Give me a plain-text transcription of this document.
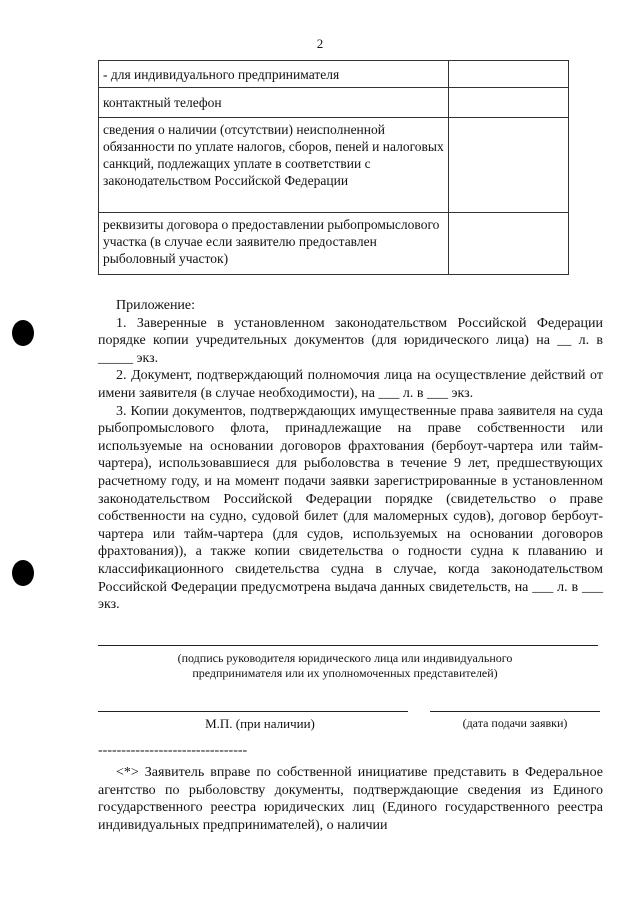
2
- для индивидуального предпринимателя	
контактный телефон	
сведения о наличии (отсутствии) неисполненной обязанности по уплате налогов, сборов, пеней и налоговых санкций, подлежащих уплате в соответствии с законодательством Российской Федерации	
реквизиты договора о предоставлении рыбопромыслового участка (в случае если заявителю предоставлен рыболовный участок)	

Приложение:

1. Заверенные в установленном законодательством Российской Федерации порядке копии учредительных документов (для юридического лица) на __ л. в _____ экз.

2. Документ, подтверждающий полномочия лица на осуществление действий от имени заявителя (в случае необходимости), на ___ л. в ___ экз.

3. Копии документов, подтверждающих имущественные права заявителя на суда рыбопромыслового флота, принадлежащие на праве собственности или используемые на основании договоров фрахтования (бербоут-чартера или тайм-чартера), использовавшиеся для рыболовства в течение 9 лет, предшествующих расчетному году, и на момент подачи заявки зарегистрированные в установленном законодательством Российской Федерации порядке (свидетельство о праве собственности на судно, судовой билет (для маломерных судов), договор бербоут-чартера или тайм-чартера (для судов, используемых на основании договоров фрахтования)), а также копии свидетельства о годности судна к плаванию и классификационного свидетельства судна в случае, когда законодательством Российской Федерации предусмотрена выдача данных свидетельств, на ___ л. в ___ экз.

(подпись руководителя юридического лица или индивидуального
предпринимателя или их уполномоченных представителей)
М.П. (при наличии)	(дата подачи заявки)
--------------------------------
<*> Заявитель вправе по собственной инициативе представить в Федеральное агентство по рыболовству документы, подтверждающие сведения из Единого государственного реестра юридических лиц (Единого государственного реестра индивидуальных предпринимателей), о наличии
